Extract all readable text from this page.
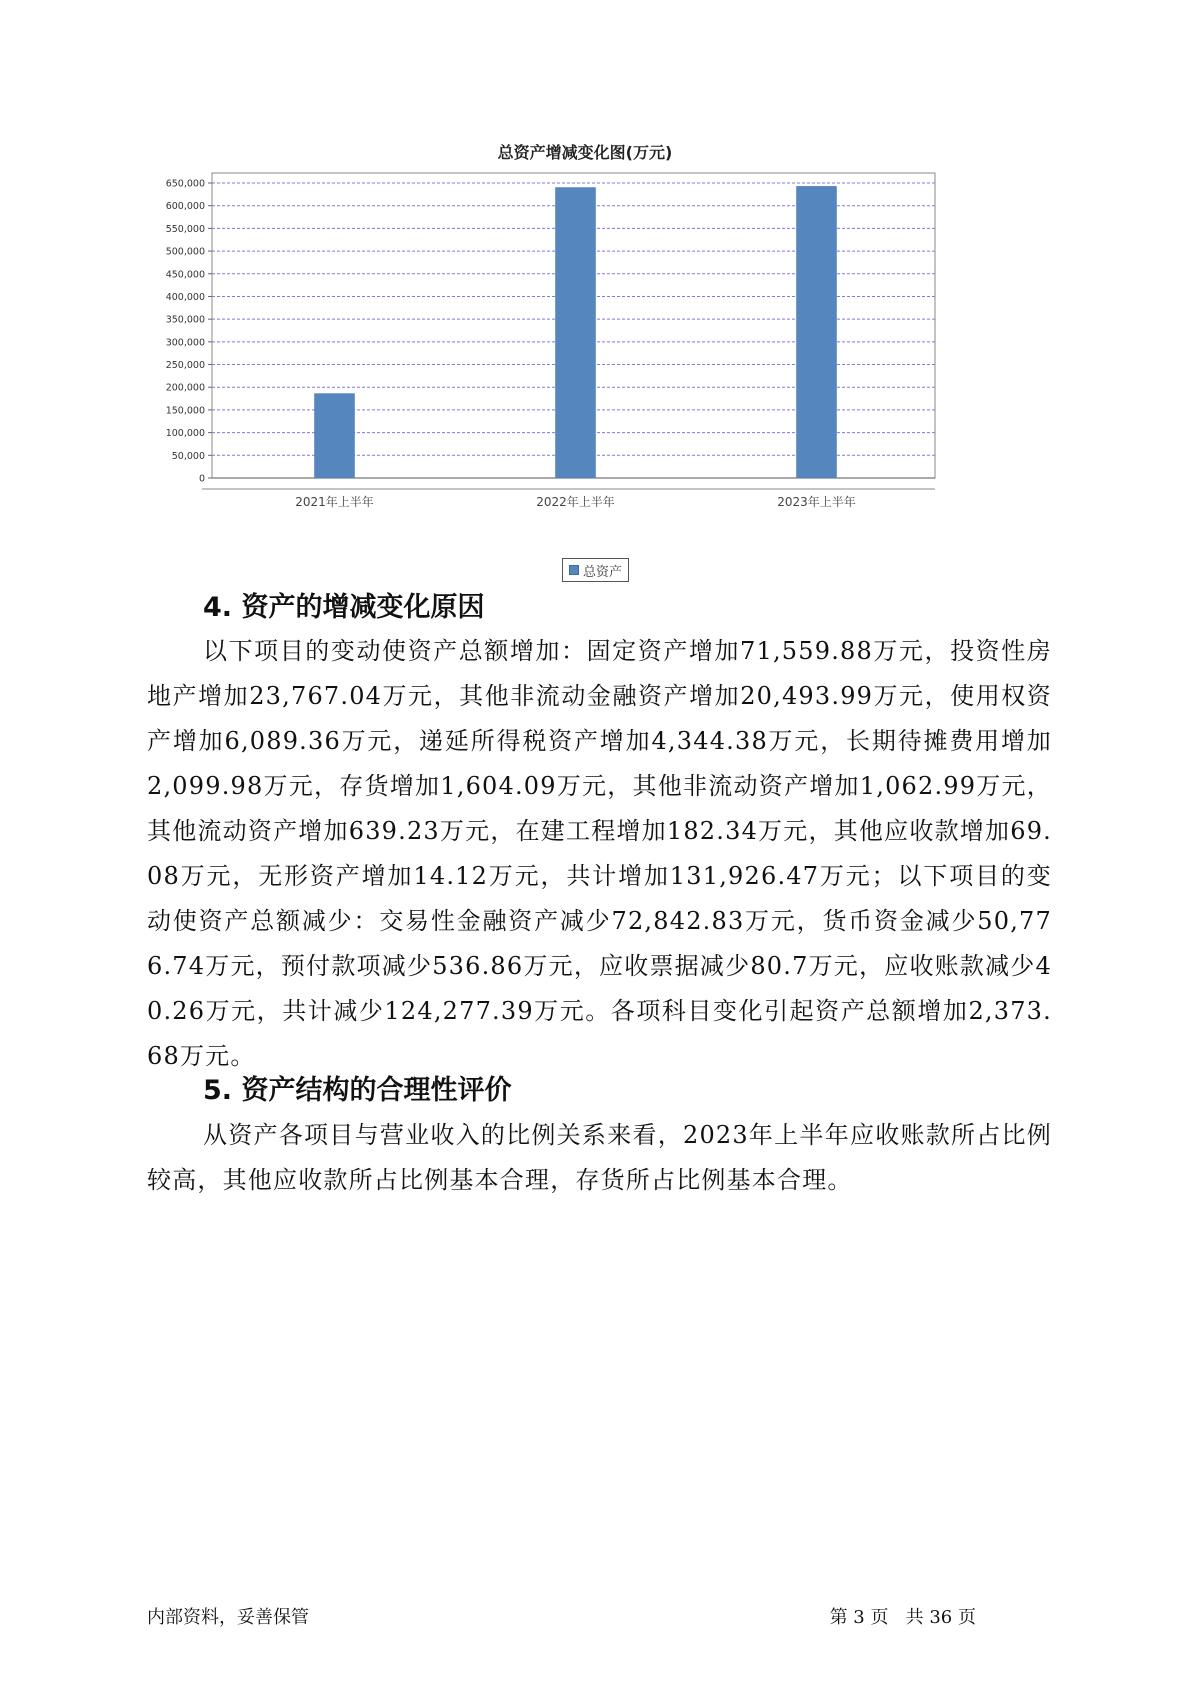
0
50,000
100,000
150,000
200,000
250,000
300,000
350,000
400,000
450,000
500,000
550,000
600,000
650,000
2021年上半年	2022年上半年	2023年上半年
总资产增减变化图(万元)
总资产
4. 资产的增减变化原因

以下项目的变动使资产总额增加：固定资产增加71,559.88万元，投资性房地产增加23,767.04万元，其他非流动金融资产增加20,493.99万元，使用权资产增加6,089.36万元，递延所得税资产增加4,344.38万元，长期待摊费用增加2,099.98万元，存货增加1,604.09万元，其他非流动资产增加1,062.99万元，其他流动资产增加639.23万元，在建工程增加182.34万元，其他应收款增加69.08万元，无形资产增加14.12万元，共计增加131,926.47万元；以下项目的变动使资产总额减少：交易性金融资产减少72,842.83万元，货币资金减少50,776.74万元，预付款项减少536.86万元，应收票据减少80.7万元，应收账款减少40.26万元，共计减少124,277.39万元。各项科目变化引起资产总额增加2,373.68万元。

5. 资产结构的合理性评价

从资产各项目与营业收入的比例关系来看，2023年上半年应收账款所占比例较高，其他应收款所占比例基本合理，存货所占比例基本合理。

内部资料，妥善保管	第 3 页   共 36 页
